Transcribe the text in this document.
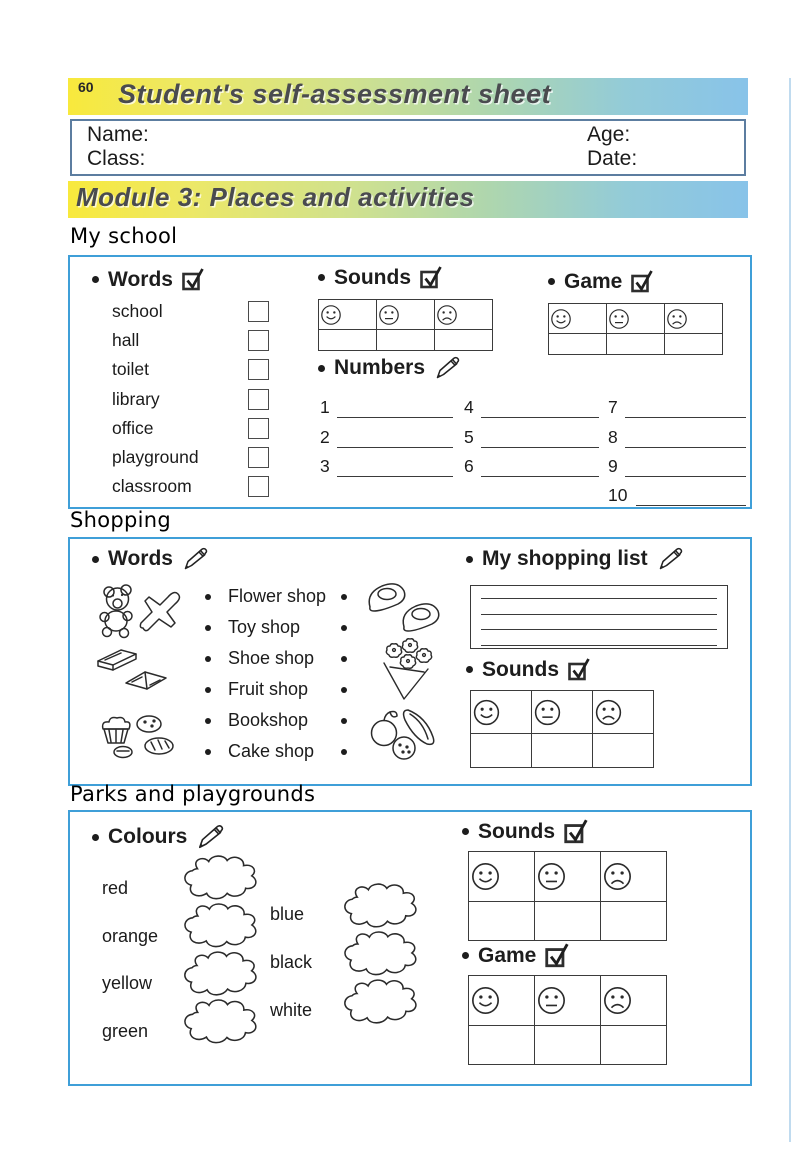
60 Student's self-assessment sheet
Name:
Class:
Age:
Date:
Module 3: Places and activities
My school
Words
school
hall
toilet
library
office
playground
classroom
Sounds

			Game

Numbers
1
2
3
4
5
6
7
8
9
10
Shopping
Words
Flower shop
Toy shop
Shoe shop
Fruit shop
Bookshop
Cake shop
My shopping list
Sounds

Parks and playgrounds
Colours
red
orange
yellow
green
blue
black
white
Sounds

Game
